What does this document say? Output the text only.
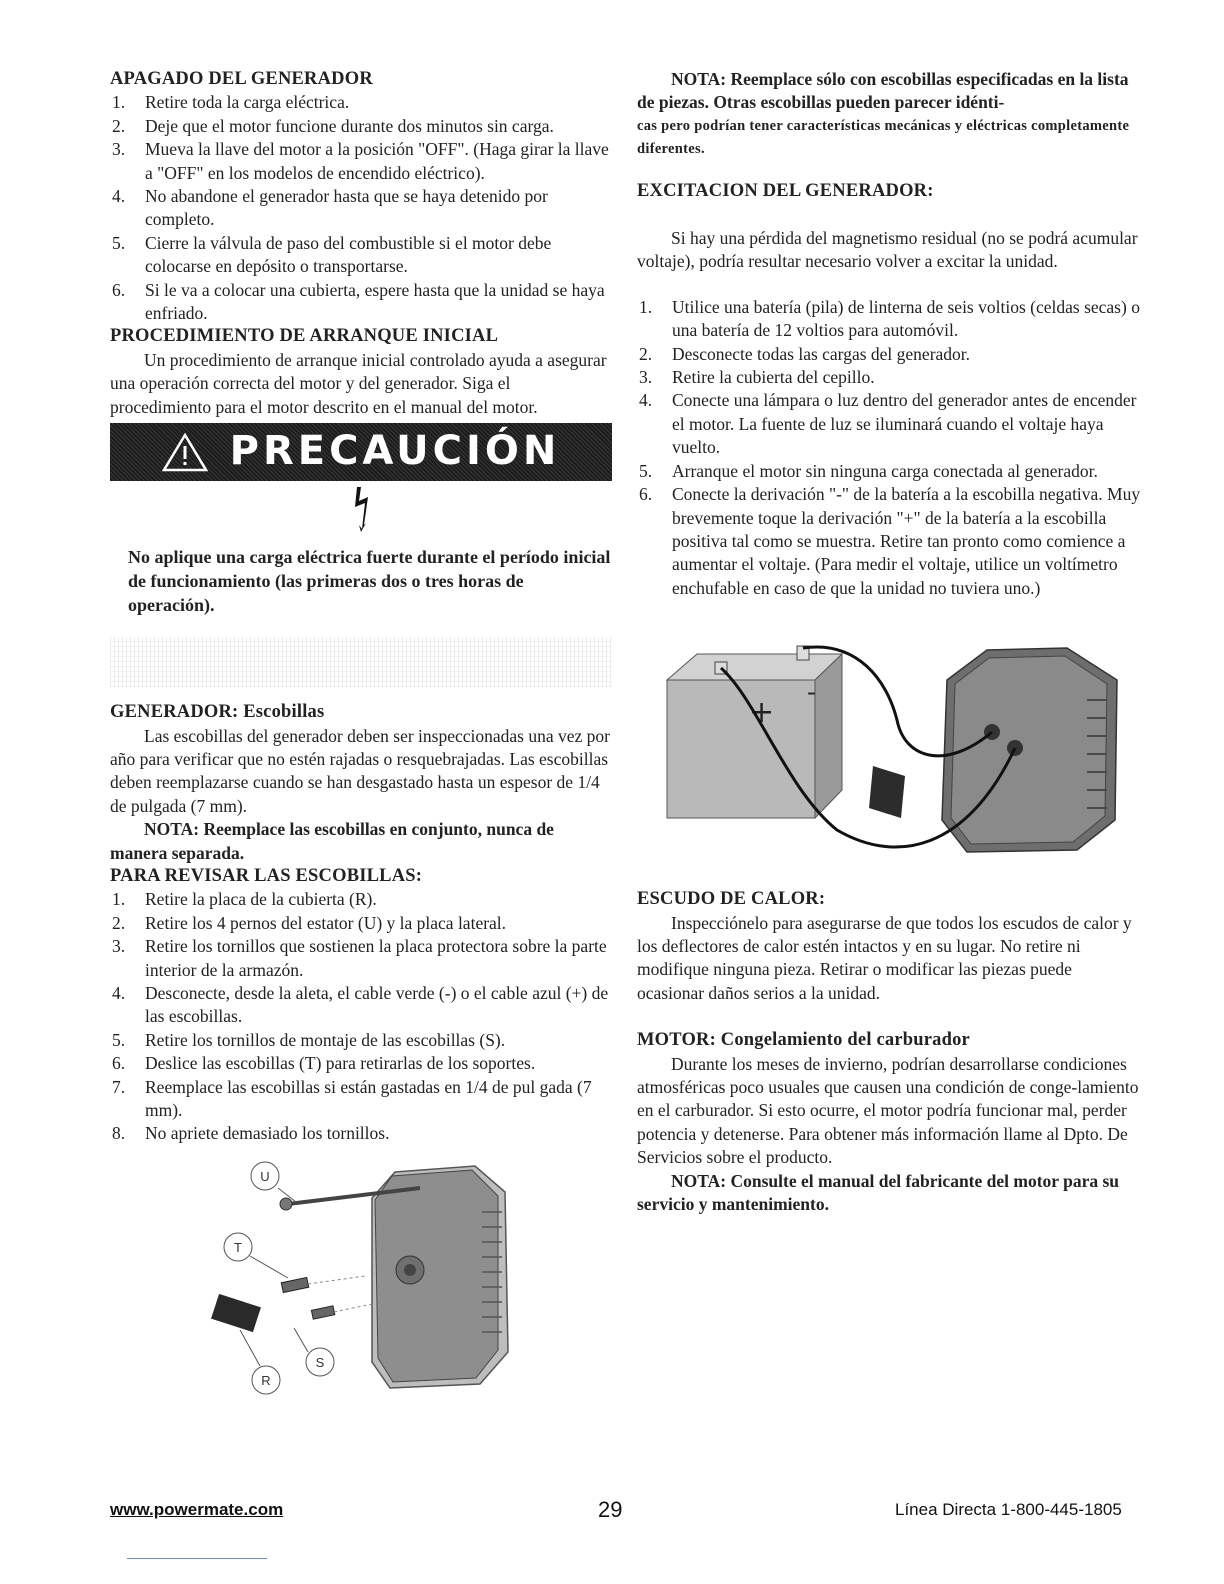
APAGADO DEL GENERADOR
1. Retire toda la carga eléctrica.
2. Deje que el motor funcione durante dos minutos sin carga.
3. Mueva la llave del motor a la posición "OFF". (Haga girar la llave a "OFF" en los modelos de encendido eléctrico).
4. No abandone el generador hasta que se haya detenido por completo.
5. Cierre la válvula de paso del combustible si el motor debe colocarse en depósito o transportarse.
6. Si le va a colocar una cubierta, espere hasta que la unidad se haya enfriado.
PROCEDIMIENTO DE ARRANQUE INICIAL

Un procedimiento de arranque inicial controlado ayuda a asegurar una operación correcta del motor y del generador. Siga el procedimiento para el motor descrito en el manual del motor.

PRECAUCIÓN

No aplique una carga eléctrica fuerte durante el período inicial de funcionamiento (las primeras dos o tres horas de operación).

GENERADOR: Escobillas

Las escobillas del generador deben ser inspeccionadas una vez por año para verificar que no estén rajadas o resquebrajadas. Las escobillas deben reemplazarse cuando se han desgastado hasta un espesor de 1/4 de pulgada (7 mm).

NOTA: Reemplace las escobillas en conjunto, nunca de manera separada.

PARA REVISAR LAS ESCOBILLAS:
1. Retire la placa de la cubierta (R).
2. Retire los 4 pernos del estator (U) y la placa lateral.
3. Retire los tornillos que sostienen la placa protectora sobre la parte interior de la armazón.
4. Desconecte, desde la aleta, el cable verde (-) o el cable azul (+) de las escobillas.
5. Retire los tornillos de montaje de las escobillas (S).
6. Deslice las escobillas (T) para retirarlas de los soportes.
7. Reemplace las escobillas si están gastadas en 1/4 de pul gada (7 mm).
8. No apriete demasiado los tornillos.
U
T
S
R

NOTA: Reemplace sólo con escobillas especificadas en la lista de piezas. Otras escobillas pueden parecer idénti-

cas pero podrían tener características mecánicas y eléctricas completamente diferentes.

EXCITACION DEL GENERADOR:

Si hay una pérdida del magnetismo residual (no se podrá acumular voltaje), podría resultar necesario volver a excitar la unidad.

1. Utilice una batería (pila) de linterna de seis voltios (celdas secas) o una batería de 12 voltios para automóvil.
2. Desconecte todas las cargas del generador.
3. Retire la cubierta del cepillo.
4. Conecte una lámpara o luz dentro del generador antes de encender el motor. La fuente de luz se iluminará cuando el voltaje haya vuelto.
5. Arranque el motor sin ninguna carga conectada al generador.
6. Conecte la derivación "-" de la batería a la escobilla negativa. Muy brevemente toque la derivación "+" de la batería a la escobilla positiva tal como se muestra. Retire tan pronto como comience a aumentar el voltaje. (Para medir el voltaje, utilice un voltímetro enchufable en caso de que la unidad no tuviera uno.)
+
-
ESCUDO DE CALOR:

Inspecciónelo para asegurarse de que todos los escudos de calor y los deflectores de calor estén intactos y en su lugar. No retire ni modifique ninguna pieza. Retirar o modificar las piezas puede ocasionar daños serios a la unidad.

MOTOR: Congelamiento del carburador

Durante los meses de invierno, podrían desarrollarse condiciones atmosféricas poco usuales que causen una condición de conge-lamiento en el carburador. Si esto ocurre, el motor podría funcionar mal, perder potencia y detenerse. Para obtener más información llame al Dpto. De Servicios sobre el producto.

NOTA: Consulte el manual del fabricante del motor para su servicio y mantenimiento.

www.powermate.com	29	Línea Directa 1-800-445-1805
